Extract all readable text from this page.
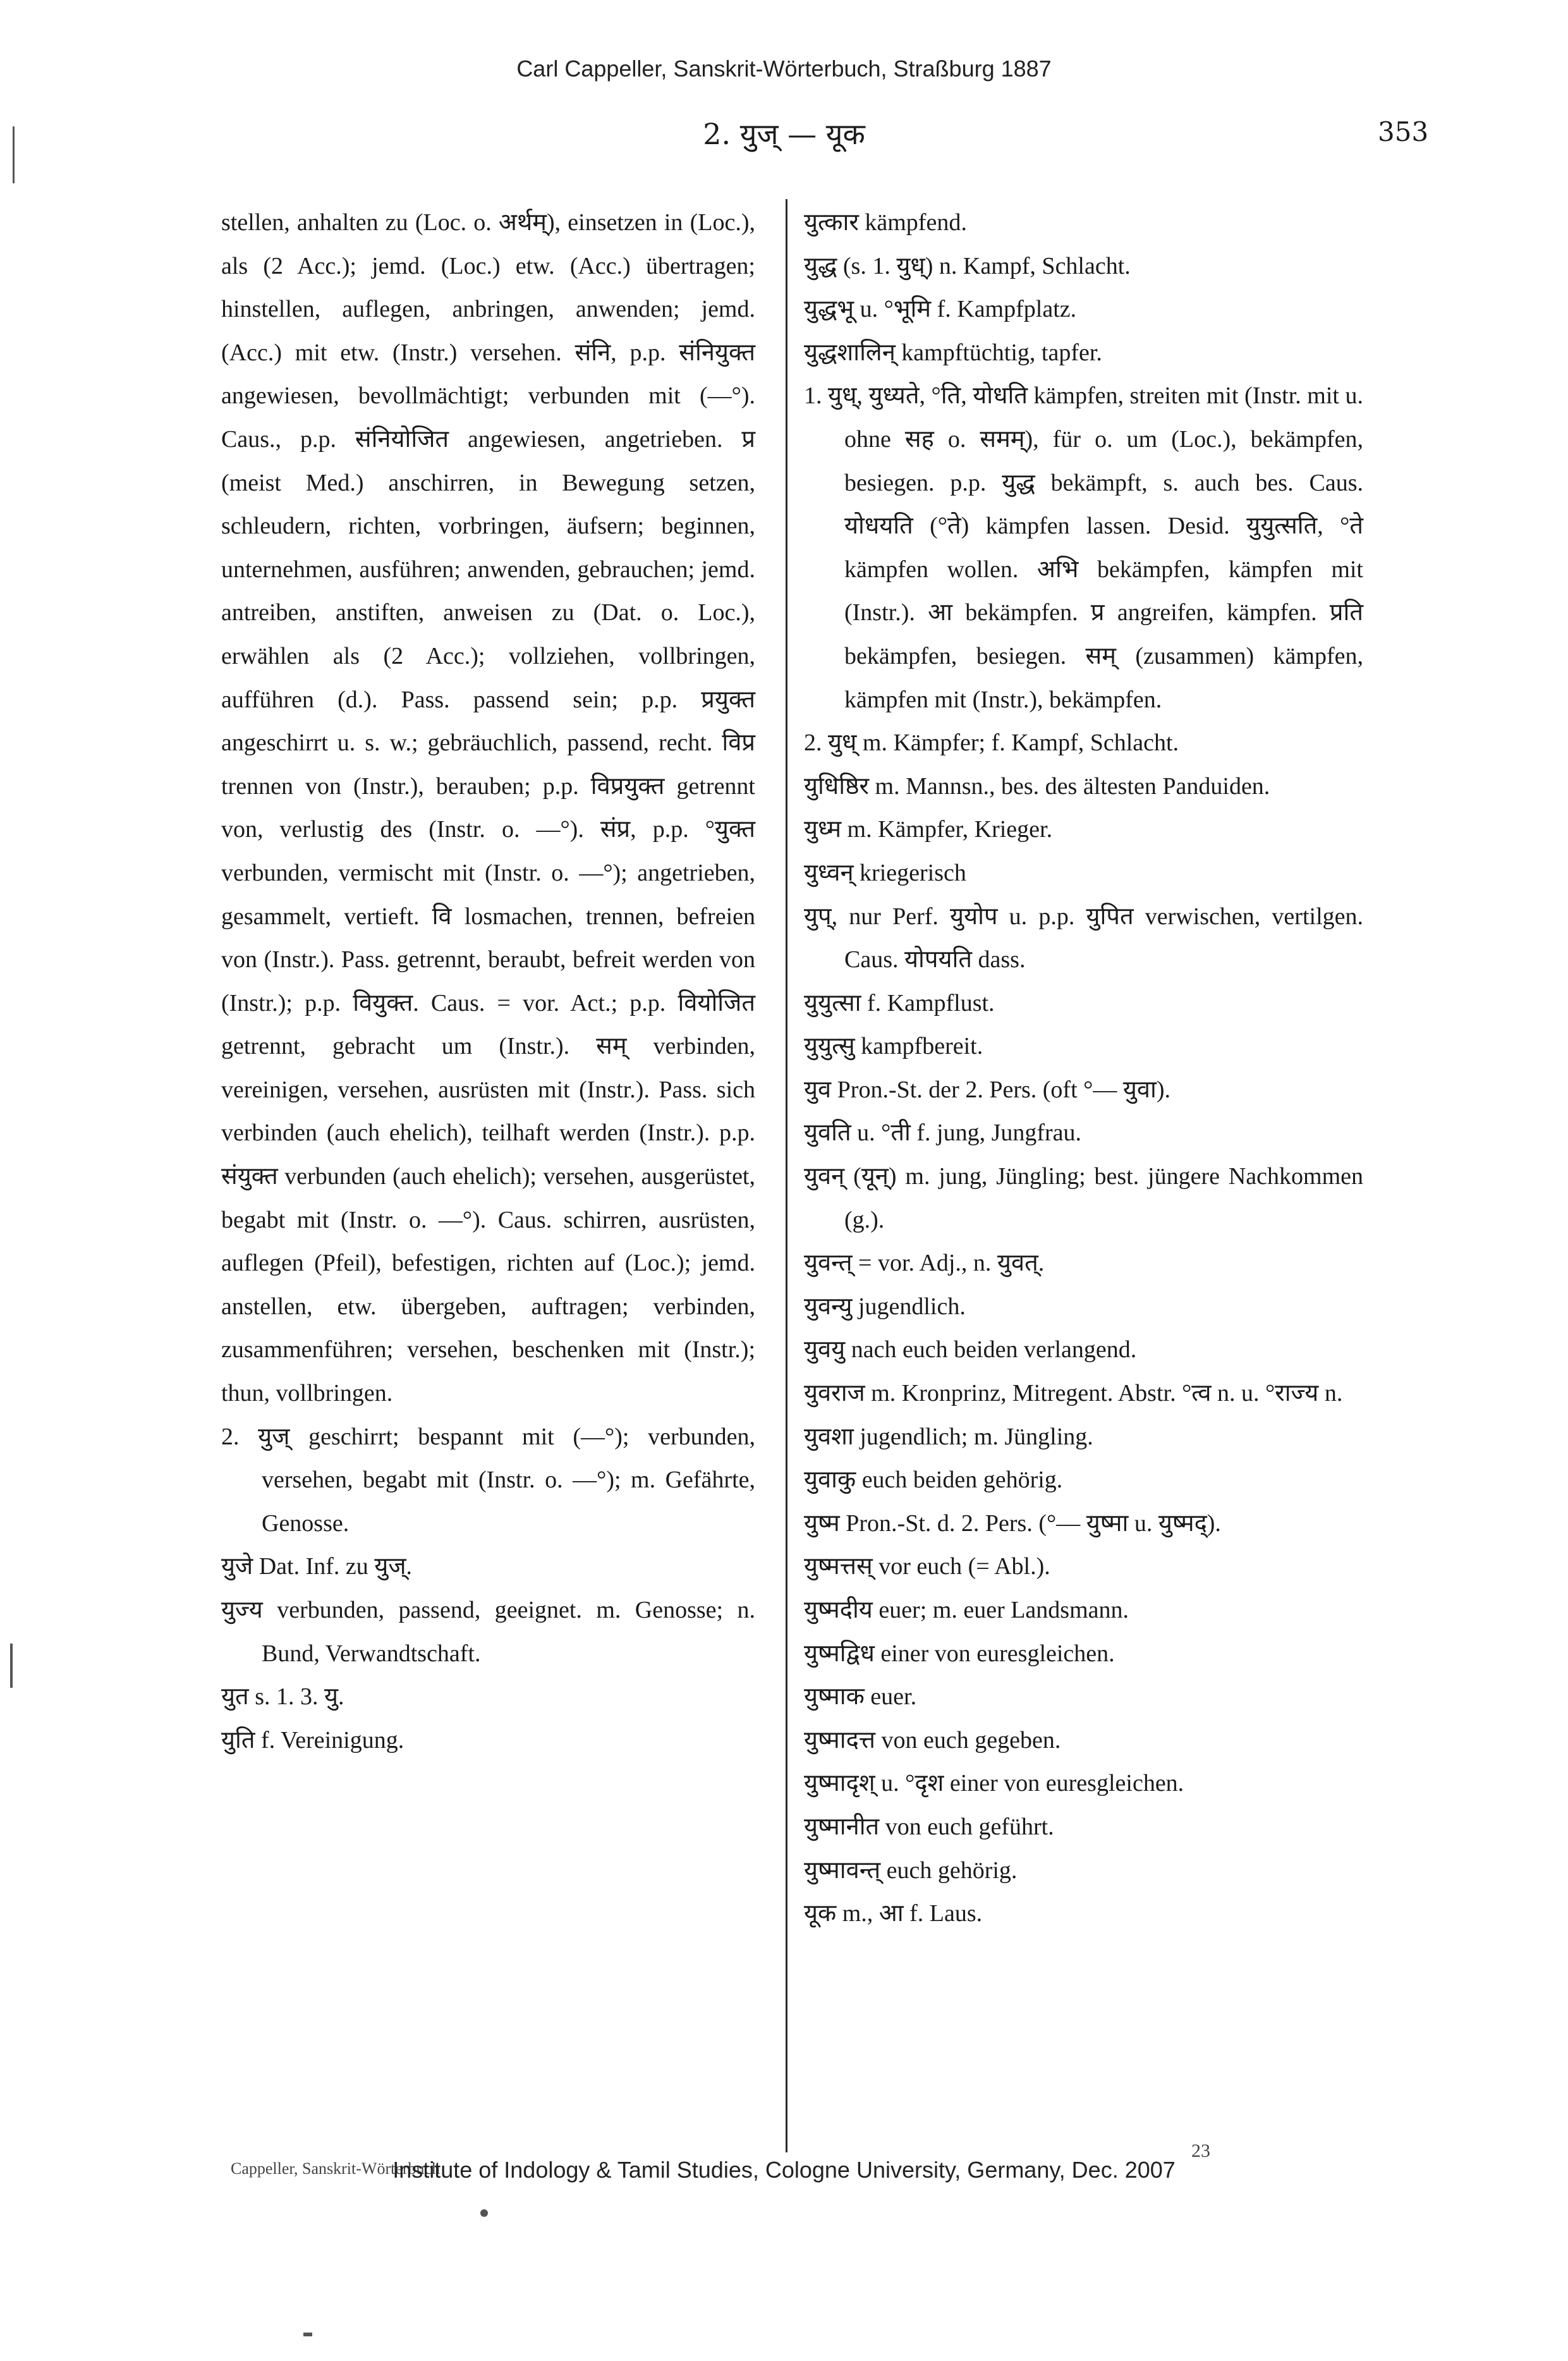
Carl Cappeller, Sanskrit-Wörterbuch, Straßburg 1887
2. युज् — यूक	353

stellen, anhalten zu (Loc. o. अर्थम्), einsetzen in (Loc.), als (2 Acc.); jemd. (Loc.) etw. (Acc.) übertragen; hinstellen, auflegen, anbringen, anwenden; jemd. (Acc.) mit etw. (Instr.) versehen. संनि, p.p. संनियुक्त angewiesen, bevollmächtigt; verbunden mit (—°). Caus., p.p. संनियोजित angewiesen, angetrieben. प्र (meist Med.) anschirren, in Bewegung setzen, schleudern, richten, vorbringen, äufsern; beginnen, unternehmen, ausführen; anwenden, gebrauchen; jemd. antreiben, anstiften, anweisen zu (Dat. o. Loc.), erwählen als (2 Acc.); vollziehen, vollbringen, aufführen (d.). Pass. passend sein; p.p. प्रयुक्त angeschirrt u. s. w.; gebräuchlich, passend, recht. विप्र trennen von (Instr.), berauben; p.p. विप्रयुक्त getrennt von, verlustig des (Instr. o. —°). संप्र, p.p. °युक्त verbunden, vermischt mit (Instr. o. —°); angetrieben, gesammelt, vertieft. वि losmachen, trennen, befreien von (Instr.). Pass. getrennt, beraubt, befreit werden von (Instr.); p.p. वियुक्त. Caus. = vor. Act.; p.p. वियोजित getrennt, gebracht um (Instr.). सम् verbinden, vereinigen, versehen, ausrüsten mit (Instr.). Pass. sich verbinden (auch ehelich), teilhaft werden (Instr.). p.p. संयुक्त verbunden (auch ehelich); versehen, ausgerüstet, begabt mit (Instr. o. —°). Caus. schirren, ausrüsten, auflegen (Pfeil), befestigen, richten auf (Loc.); jemd. anstellen, etw. übergeben, auftragen; verbinden, zusammenführen; versehen, beschenken mit (Instr.); thun, vollbringen.

2. युज् geschirrt; bespannt mit (—°); verbunden, versehen, begabt mit (Instr. o. —°); m. Gefährte, Genosse.

युजे Dat. Inf. zu युज्.

युज्य verbunden, passend, geeignet. m. Genosse; n. Bund, Verwandtschaft.

युत s. 1. 3. यु.

युति f. Vereinigung.

युत्कार kämpfend.

युद्ध (s. 1. युध्) n. Kampf, Schlacht.

युद्धभू u. °भूमि f. Kampfplatz.

युद्धशालिन् kampftüchtig, tapfer.

1. युध्, युध्यते, °ति, योधति kämpfen, streiten mit (Instr. mit u. ohne सह o. समम्), für o. um (Loc.), bekämpfen, besiegen. p.p. युद्ध bekämpft, s. auch bes. Caus. योधयति (°ते) kämpfen lassen. Desid. युयुत्सति, °ते kämpfen wollen. अभि bekämpfen, kämpfen mit (Instr.). आ bekämpfen. प्र angreifen, kämpfen. प्रति bekämpfen, besiegen. सम् (zusammen) kämpfen, kämpfen mit (Instr.), bekämpfen.

2. युध् m. Kämpfer; f. Kampf, Schlacht.

युधिष्ठिर m. Mannsn., bes. des ältesten Panduiden.

युध्म m. Kämpfer, Krieger.

युध्वन् kriegerisch

युप्, nur Perf. युयोप u. p.p. युपित verwischen, vertilgen. Caus. योपयति dass.

युयुत्सा f. Kampflust.

युयुत्सु kampfbereit.

युव Pron.-St. der 2. Pers. (oft °— युवा).

युवति u. °ती f. jung, Jungfrau.

युवन् (यून्) m. jung, Jüngling; best. jüngere Nachkommen (g.).

युवन्त् = vor. Adj., n. युवत्.

युवन्यु jugendlich.

युवयु nach euch beiden verlangend.

युवराज m. Kronprinz, Mitregent. Abstr. °त्व n. u. °राज्य n.

युवशा jugendlich; m. Jüngling.

युवाकु euch beiden gehörig.

युष्म Pron.-St. d. 2. Pers. (°— युष्मा u. युष्मद्).

युष्मत्तस् vor euch (= Abl.).

युष्मदीय euer; m. euer Landsmann.

युष्मद्विध einer von euresgleichen.

युष्माक euer.

युष्मादत्त von euch gegeben.

युष्मादृश् u. °दृश einer von euresgleichen.

युष्मानीत von euch geführt.

युष्मावन्त् euch gehörig.

यूक m., आ f. Laus.

Cappeller, Sanskrit-Wörterbuch
23
Institute of Indology & Tamil Studies, Cologne University, Germany, Dec. 2007
